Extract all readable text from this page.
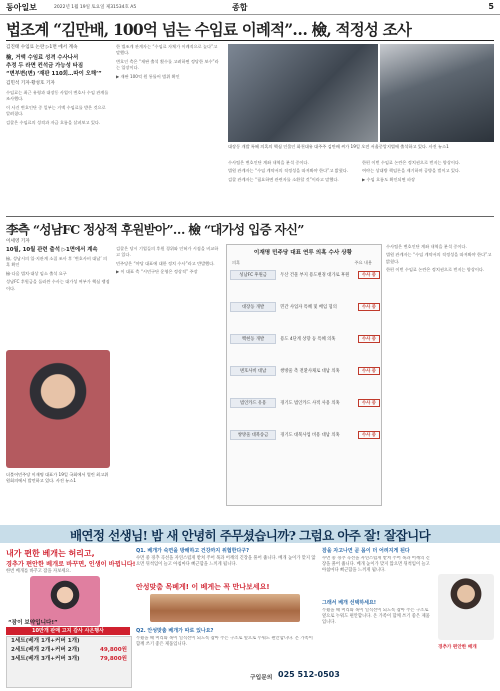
동아일보	2022년 1월 19일 토요일 제31534호 A5	종합	5
법조계 “김만배, 100억 넘는 수임료 이례적”… 檢, 적정성 조사
김진태 수임료 논란 ▷1면 에서 계속
檢, 거액 수임료 성격 수사나서
추정 두 라면 컨석금 가능성 타짐
“변부변(변) ‘재판 110회…따이 오해’”
김민석 기자·황성호 기자

수임료는 최근 유령과 대장동 사업이 변호사 수임 관계를 조사했다.

이 사건 변호인단 중 일부는 거액 수임료를 받은 것으로 알려졌다.

검찰은 수임료의 성격과 자금 흐름을 살펴보고 있다.

한 법조계 관계자는 “수임료 자체가 이례적으로 높다”고 말했다.

변호인 측은 “재판 출석 횟수를 고려하면 정당한 보수”라는 입장이다.

▶ 재판 100억 원 통틀어 범위 확인

대장동 개발 특혜 의혹의 핵심 인물인 화천대유 대주주 김만배 씨가 19일 오전 서울중앙지법에 출석하고 있다. 사진 뉴스1

수사팀은 변호인단 계좌 내역을 분석 중이다.

법원 관계자는 “수임 계약서의 적정성을 따져봐야 한다”고 밝혔다.

검찰 관계자는 “필요하면 관련자를 소환할 것”이라고 말했다.

한편 이번 수임료 논란은 정치권으로 번지는 양상이다.

여야는 상대방 책임론을 제기하며 공방을 벌이고 있다.

▶ 수임 흐름도 확인되면 파장

李측 “성남FC 정상적 후원받아”… 檢 “대가성 입증 자신”
이세영 기자
10월, 10월 관련 출석 ▷1면에서 계속

檢, 성남시의 입·지관계 소집 조사 후 ‘변호사비 대납’ 의혹 확인

檢·다음 법치·대상 임소 출석 요구

성남FC 후원금을 둘러싼 수사는 대가성 여부가 핵심 쟁점이다.

더불어민주당 이재명 대표가 19일 국회에서 열린 최고위원회의에서 발언하고 있다. 사진 뉴스1

검찰은 당시 기업들의 후원 경위와 인허가 시점을 비교하고 있다.

민주당은 “야당 대표에 대한 정치 수사”라고 반발했다.

▶ 이 대표 측 “시민구단 운영은 정상적” 주장

이재명 민주당 대표 연루 의혹 수사 상황
의혹	주요 내용
성남FC 후원금	두산 건물 부지 용도변경 대가로 후원	수사 중
대장동 개발	민간 사업자 특혜 및 배임 혐의	수사 중
백현동 개발	용도 4단계 상향 등 특혜 의혹	수사 중
변호사비 대납	쌍방울 측 전환사채로 대납 의혹	수사 중
법인카드 유용	경기도 법인카드 사적 사용 의혹	수사 중
쌍방울 대북송금	경기도 대북사업 비용 대납 의혹	수사 중

수사팀은 변호인단 계좌 내역을 분석 중이다.

법원 관계자는 “수임 계약서의 적정성을 따져봐야 한다”고 밝혔다.

한편 이번 수임료 논란은 정치권으로 번지는 양상이다.

배연정 선생님! 밤 새 안녕히 주무셨습니까? 그럼요 아주 잘! 잘잡니다
내가 편한 베개는 허리고,
경추가 편안한 베개로 바꾸면, 인생이 바뀝니다!
한번 베개를 바꾸고 잠을 자보세요.
“잠이 보약입니다!”
10만개 판매 고지 감사 사은행사
1세트(베개 1개+커버 1개)
2세트(베개 2개+커버 2개)	49,800원
3세트(베개 3개+커버 3개)	79,800원
Q1. 베개가 숙면을 방해하고 건강까지 위협한다구?
수면 중 경추 곡선을 자연스럽게 받쳐 주어 목과 어깨의 긴장을 풀어 줍니다. 베개 높이가 맞지 않으면 뒤척임이 늘고 아침마다 뻐근함을 느끼게 됩니다.
안성맞춤 목베게! 이 베게는 꼭 만나보세요!
Q2. 안성맞춤 베개가 따로 있나요?
누웠을 때 머리와 목이 일직선이 되도록 잡아 주는 구조로 옆으로 누워도 편안합니다. 온 가족이 함께 쓰기 좋은 제품입니다.
구입문의 025 512-0503
잠을 자고나면 곧 몸이 더 어려지게 된다
수면 중 경추 곡선을 자연스럽게 받쳐 주어 목과 어깨의 긴장을 풀어 줍니다. 베개 높이가 맞지 않으면 뒤척임이 늘고 아침마다 뻐근함을 느끼게 됩니다.
그래서 베개 선택하세요!
누웠을 때 머리와 목이 일직선이 되도록 잡아 주는 구조로 옆으로 누워도 편안합니다. 온 가족이 함께 쓰기 좋은 제품입니다.
경추가 편안한 베개
